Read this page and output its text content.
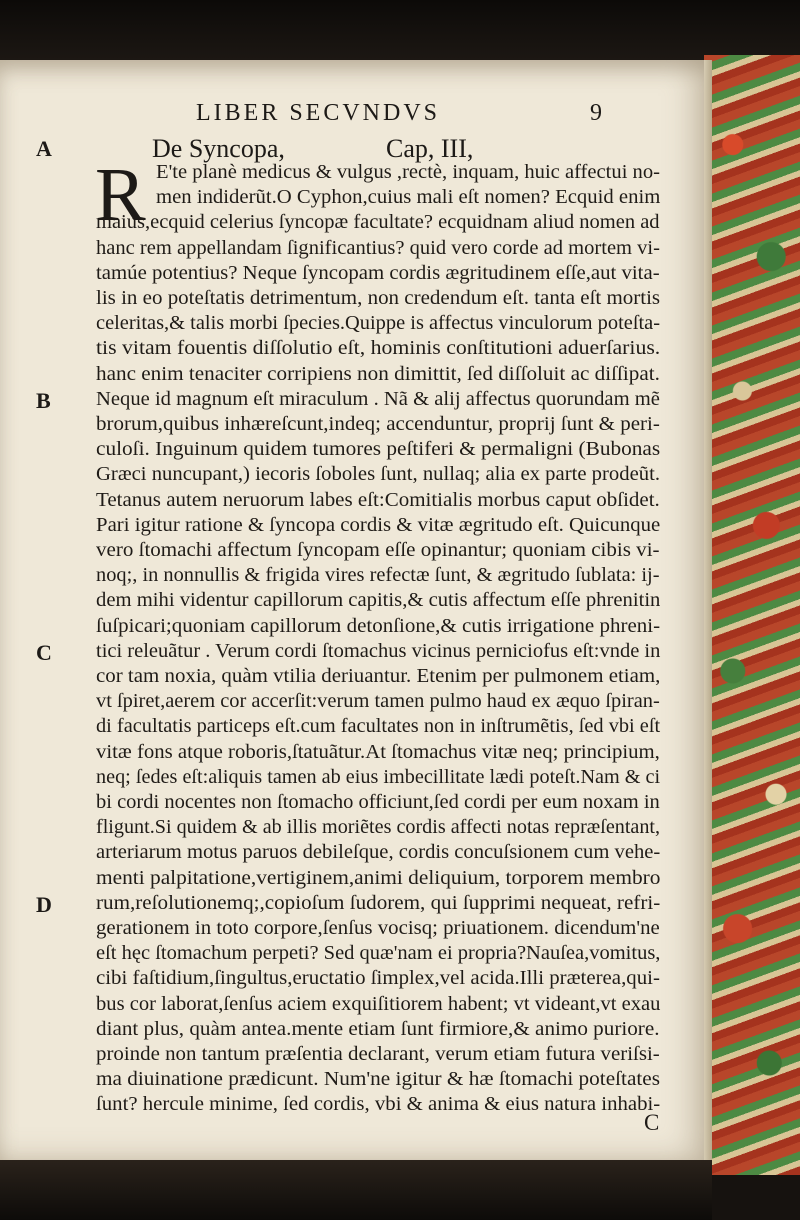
LIBER SECVNDVS	9
A
B
C
D
De Syncopa,	Cap, III,
R E'te planè medicus & vulgus ,rectè, inquam, huic affectui no-
men indiderũt.O Cyphon,cuius mali eſt nomen? Ecquid enim
maius,ecquid celerius ſyncopæ facultate? ecquidnam aliud nomen ad
hanc rem appellandam ſignificantius? quid vero corde ad mortem vi-
tamúe potentius? Neque ſyncopam cordis ægritudinem eſſe,aut vita-
lis in eo poteſtatis detrimentum, non credendum eſt. tanta eſt mortis
celeritas,& talis morbi ſpecies.Quippe is affectus vinculorum poteſta-
tis vitam fouentis diſſolutio eſt, hominis conſtitutioni aduerſarius.
hanc enim tenaciter corripiens non dimittit, ſed diſſoluit ac diſſipat.
Neque id magnum eſt miraculum . Nã & alij affectus quorundam mẽ
brorum,quibus inhæreſcunt,indeq; accenduntur, proprij ſunt & peri-
culoſi. Inguinum quidem tumores peſtiferi & permaligni (Bubonas
Græci nuncupant,) iecoris ſoboles ſunt, nullaq; alia ex parte prodeũt.
Tetanus autem neruorum labes eſt:Comitialis morbus caput obſidet.
Pari igitur ratione & ſyncopa cordis & vitæ ægritudo eſt. Quicunque
vero ſtomachi affectum ſyncopam eſſe opinantur; quoniam cibis vi-
noq;, in nonnullis & frigida vires refectæ ſunt, & ægritudo ſublata: ij-
dem mihi videntur capillorum capitis,& cutis affectum eſſe phrenitin
ſuſpicari;quoniam capillorum detonſione,& cutis irrigatione phreni-
tici releuãtur . Verum cordi ſtomachus vicinus perniciofus eſt:vnde in
cor tam noxia, quàm vtilia deriuantur. Etenim per pulmonem etiam,
vt ſpiret,aerem cor accerſit:verum tamen pulmo haud ex æquo ſpiran-
di facultatis particeps eſt.cum facultates non in inſtrumẽtis, ſed vbi eſt
vitæ fons atque roboris,ſtatuãtur.At ſtomachus vitæ neq; principium,
neq; ſedes eſt:aliquis tamen ab eius imbecillitate lædi poteſt.Nam & ci
bi cordi nocentes non ſtomacho officiunt,ſed cordi per eum noxam in
fligunt.Si quidem & ab illis moriẽtes cordis affecti notas repræſentant,
arteriarum motus paruos debileſque, cordis concuſsionem cum vehe-
menti palpitatione,vertiginem,animi deliquium, torporem membro
rum,reſolutionemq;,copioſum ſudorem, qui ſupprimi nequeat, refri-
gerationem in toto corpore,ſenſus vocisq; priuationem. dicendum'ne
eſt hęc ſtomachum perpeti? Sed quæ'nam ei propria?Nauſea,vomitus,
cibi faſtidium,ſingultus,eructatio ſimplex,vel acida.Illi præterea,qui-
bus cor laborat,ſenſus aciem exquiſitiorem habent; vt videant,vt exau
diant plus, quàm antea.mente etiam ſunt firmiore,& animo puriore.
proinde non tantum præſentia declarant, verum etiam futura veriſsi-
ma diuinatione prædicunt. Num'ne igitur & hæ ſtomachi poteſtates
ſunt? hercule minime, ſed cordis, vbi & anima & eius natura inhabi-
C
